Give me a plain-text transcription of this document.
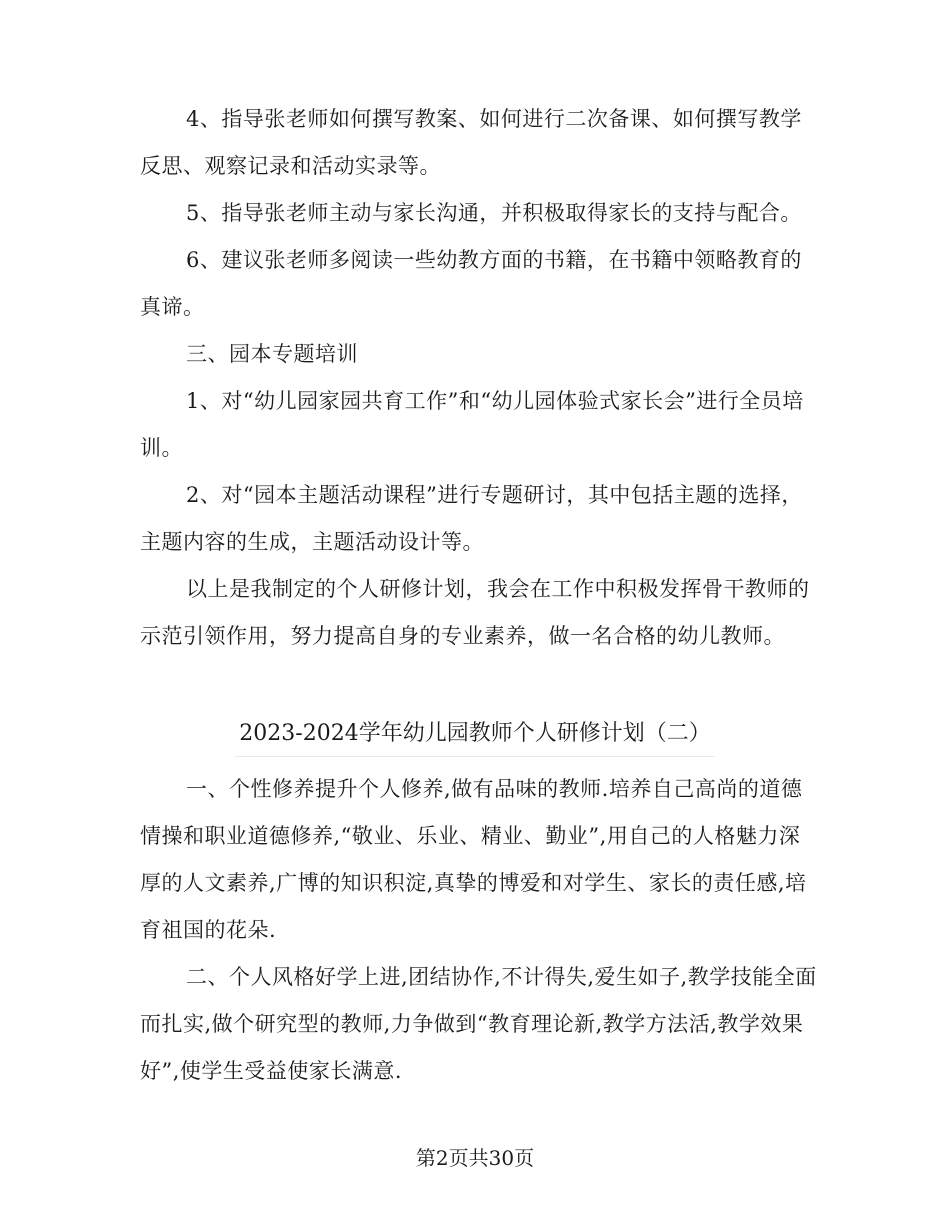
4、指导张老师如何撰写教案、如何进行二次备课、如何撰写教学反思、观察记录和活动实录等。

5、指导张老师主动与家长沟通，并积极取得家长的支持与配合。

6、建议张老师多阅读一些幼教方面的书籍，在书籍中领略教育的真谛。

三、园本专题培训

1、对“幼儿园家园共育工作”和“幼儿园体验式家长会”进行全员培训。

2、对“园本主题活动课程”进行专题研讨，其中包括主题的选择，主题内容的生成，主题活动设计等。

以上是我制定的个人研修计划，我会在工作中积极发挥骨干教师的示范引领作用，努力提高自身的专业素养，做一名合格的幼儿教师。

2023-2024学年幼儿园教师个人研修计划（二）

一、个性修养提升个人修养,做有品味的教师.培养自己高尚的道德情操和职业道德修养,“敬业、乐业、精业、勤业”,用自己的人格魅力深厚的人文素养,广博的知识积淀,真挚的博爱和对学生、家长的责任感,培育祖国的花朵.

二、个人风格好学上进,团结协作,不计得失,爱生如子,教学技能全面而扎实,做个研究型的教师,力争做到“教育理论新,教学方法活,教学效果好”,使学生受益使家长满意.

第2页共30页
